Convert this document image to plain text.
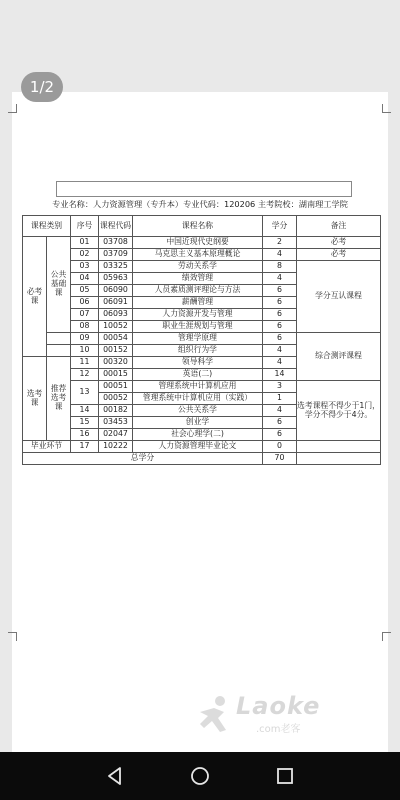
1/2
专业名称：人力资源管理（专升本）专业代码：120206 主考院校：湖南理工学院
课程类别		序号	课程代码	课程名称	学分	备注
必考课	公共基础课	01	03708	中国近现代史纲要	2	必考
		02	03709	马克思主义基本原理概论	4	必考
		03	03325	劳动关系学	8	学分互认课程
		04	05963	绩效管理	4	
		05	06090	人员素质测评理论与方法	6	
		06	06091	薪酬管理	6	
		07	06093	人力资源开发与管理	6	
		08	10052	职业生涯规划与管理	6	
		09	00054	管理学原理	6	综合测评课程
		10	00152	组织行为学	4	
选考课	推荐选考课	11	00320	领导科学	4	
		12	00015	英语(二)	14	
		13	00051	管理系统中计算机应用	3	选考课程不得少于1门，学分不得少于4分。
			00052	管理系统中计算机应用（实践）	1	
		14	00182	公共关系学	4	
		15	03453	创业学	6	
		16	02047	社会心理学(二)	6	
毕业环节		17	10222	人力资源管理毕业论文	0	
总学分					70	
Laoke
.com老客
